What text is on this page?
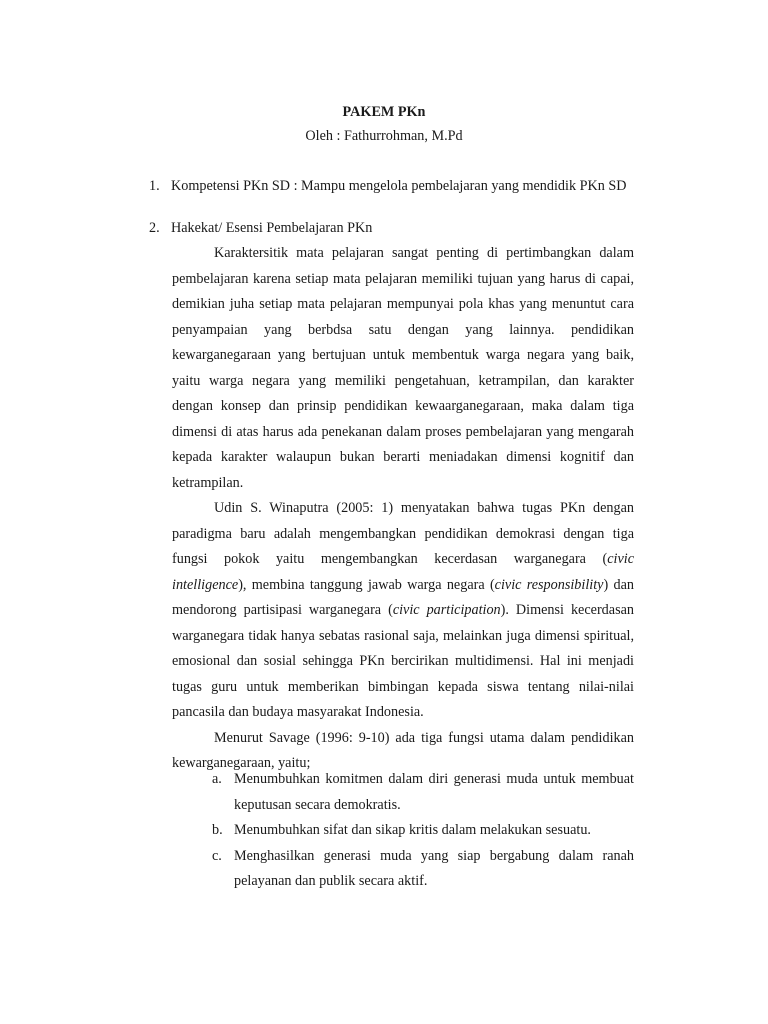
PAKEM PKn
Oleh : Fathurrohman, M.Pd
1. Kompetensi PKn SD : Mampu mengelola pembelajaran yang mendidik PKn SD
2. Hakekat/ Esensi Pembelajaran PKn

Karaktersitik mata pelajaran sangat penting di pertimbangkan dalam pembelajaran karena setiap mata pelajaran memiliki tujuan yang harus di capai, demikian juha setiap mata pelajaran mempunyai pola khas yang menuntut cara penyampaian yang berbdsa satu dengan yang lainnya. pendidikan kewarganegaraan yang bertujuan untuk membentuk warga negara yang baik, yaitu warga negara yang memiliki pengetahuan, ketrampilan, dan karakter dengan konsep dan prinsip pendidikan kewaarganegaraan, maka dalam tiga dimensi di atas harus ada penekanan dalam proses pembelajaran yang mengarah kepada karakter walaupun bukan berarti meniadakan dimensi kognitif dan ketrampilan.

Udin S. Winaputra (2005: 1) menyatakan bahwa tugas PKn dengan paradigma baru adalah mengembangkan pendidikan demokrasi dengan tiga fungsi pokok yaitu mengembangkan kecerdasan warganegara (civic intelligence), membina tanggung jawab warga negara (civic responsibility) dan mendorong partisipasi warganegara (civic participation). Dimensi kecerdasan warganegara tidak hanya sebatas rasional saja, melainkan juga dimensi spiritual, emosional dan sosial sehingga PKn bercirikan multidimensi. Hal ini menjadi tugas guru untuk memberikan bimbingan kepada siswa tentang nilai-nilai pancasila dan budaya masyarakat Indonesia.

Menurut Savage (1996: 9-10) ada tiga fungsi utama dalam pendidikan kewarganegaraan, yaitu;

a. Menumbuhkan komitmen dalam diri generasi muda untuk membuat keputusan secara demokratis.
b. Menumbuhkan sifat dan sikap kritis dalam melakukan sesuatu.
c. Menghasilkan generasi muda yang siap bergabung dalam ranah pelayanan dan publik secara aktif.
